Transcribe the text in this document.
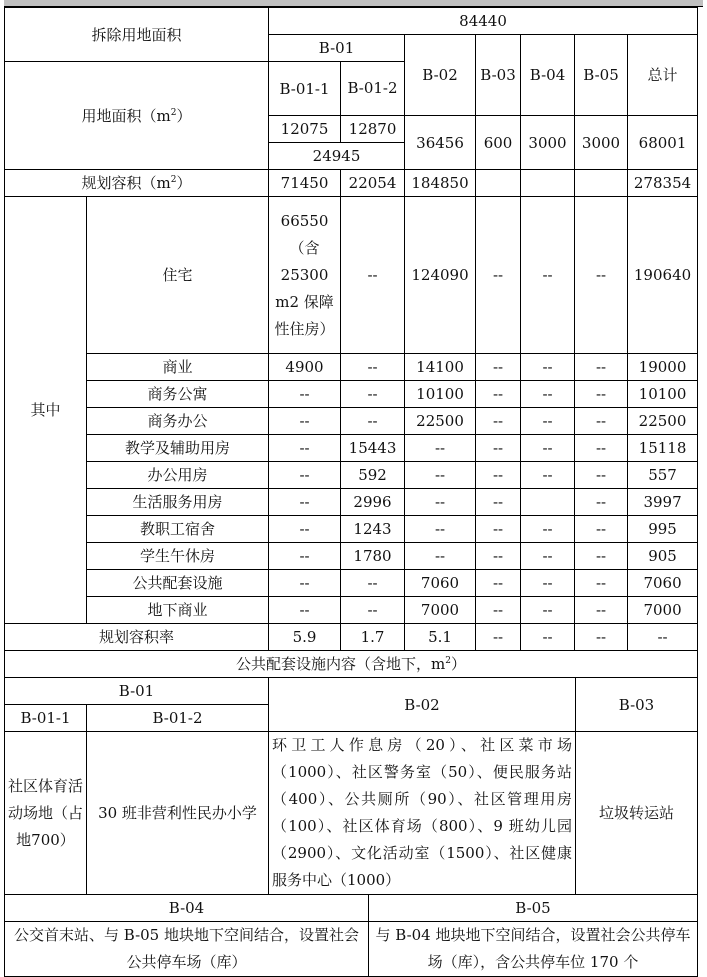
拆除用地面积		84440						
		B-01		B-02	B-03	B-04	B-05	总计
用地面积$(m^2)$		B-01-1	B-01-2					
		12075	12870	36456	600	3000	3000	68001
		24945						
规划容积$(m^2)$		71450	22054	184850				278354
其中	住宅	66550（含25300 m2 保障性住房）	--	124090	--	--	--	190640
	商业	4900	--	14100	--	--	--	19000
	商务公寓	--	--	10100	--	--	--	10100
	商务办公	--	--	22500	--	--	--	22500
	教学及辅助用房	--	15443	--	--	--	--	15118
	办公用房	--	592	--	--	--	--	557
	生活服务用房	--	2996	--	--		--	3997
	教职工宿舍	--	1243	--	--	--	--	995
	学生午休房	--	1780	--	--	--	--	905
	公共配套设施	--	--	7060	--	--	--	7060
	地下商业	--	--	7000	--	--	--	7000
规划容积率		5.9	1.7	5.1	--	--	--	--
公共配套设施内容（含地下，$m^2$）								
B-01		B-02	B-03
B-01-1	B-01-2		
社区体育活动场地（占地700）	30 班非营利性民办小学	环卫工人作息房（20）、社区菜市场（1000）、社区警务室（50）、便民服务站（400）、公共厕所（90）、社区管理用房（100）、社区体育场（800）、9 班幼儿园（2900）、文化活动室（1500）、社区健康服务中心（1000）	垃圾转运站
B-04	B-05
公交首末站、与 B-05 地块地下空间结合，设置社会公共停车场（库）	与 B-04 地块地下空间结合，设置社会公共停车场（库），含公共停车位 170 个
